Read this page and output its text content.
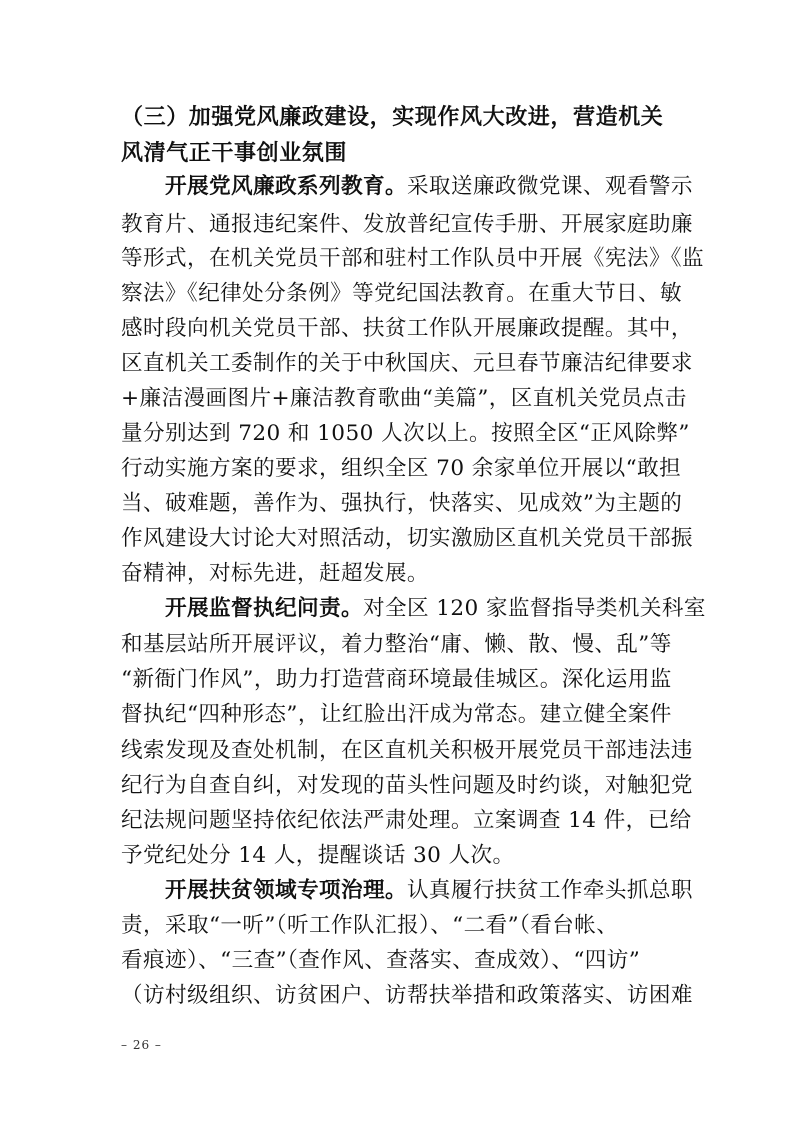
（三）加强党风廉政建设，实现作风大改进，营造机关
风清气正干事创业氛围
开展党风廉政系列教育。采取送廉政微党课、观看警示
教育片、通报违纪案件、发放普纪宣传手册、开展家庭助廉
等形式，在机关党员干部和驻村工作队员中开展《宪法》《监
察法》《纪律处分条例》等党纪国法教育。在重大节日、敏
感时段向机关党员干部、扶贫工作队开展廉政提醒。其中，
区直机关工委制作的关于中秋国庆、元旦春节廉洁纪律要求
+廉洁漫画图片+廉洁教育歌曲“美篇”，区直机关党员点击
量分别达到 720 和 1050 人次以上。按照全区“正风除弊”
行动实施方案的要求，组织全区 70 余家单位开展以“敢担
当、破难题，善作为、强执行，快落实、见成效”为主题的
作风建设大讨论大对照活动，切实激励区直机关党员干部振
奋精神，对标先进，赶超发展。
开展监督执纪问责。对全区 120 家监督指导类机关科室
和基层站所开展评议，着力整治“庸、懒、散、慢、乱”等
“新衙门作风”，助力打造营商环境最佳城区。深化运用监
督执纪“四种形态”，让红脸出汗成为常态。建立健全案件
线索发现及查处机制，在区直机关积极开展党员干部违法违
纪行为自查自纠，对发现的苗头性问题及时约谈，对触犯党
纪法规问题坚持依纪依法严肃处理。立案调查 14 件，已给
予党纪处分 14 人，提醒谈话 30 人次。
开展扶贫领域专项治理。认真履行扶贫工作牵头抓总职
责，采取“一听”（听工作队汇报）、“二看”（看台帐、
看痕迹）、“三查”（查作风、查落实、查成效）、“四访”
（访村级组织、访贫困户、访帮扶举措和政策落实、访困难
– 26 –
